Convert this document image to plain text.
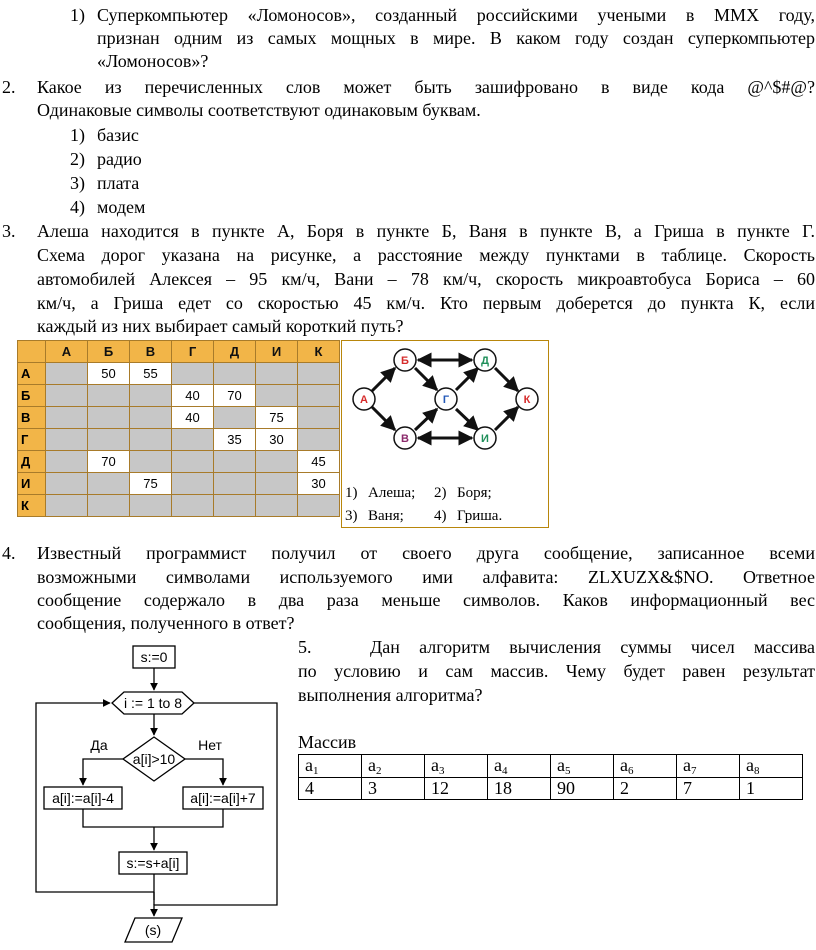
1) Суперкомпьютер «Ломоносов», созданный российскими учеными в MMX году,
признан одним из самых мощных в мире. В каком году создан суперкомпьютер
«Ломоносов»?
2. Какое из перечисленных слов может быть зашифровано в виде кода @^$#@?
Одинаковые символы соответствуют одинаковым буквам.
1) базис
2) радио
3) плата
4) модем
3. Алеша находится в пункте А, Боря в пункте Б, Ваня в пункте В, а Гриша в пункте Г.
Схема дорог указана на рисунке, а расстояние между пунктами в таблице. Скорость
автомобилей Алексея – 95 км/ч, Вани – 78 км/ч, скорость микроавтобуса Бориса – 60
км/ч, а Гриша едет со скоростью 45 км/ч. Кто первым доберется до пункта К, если
каждый из них выбирает самый короткий путь?
	А	Б	В	Г	Д	И	К
А		50	55				
Б				40	70		
В				40		75	
Г					35	30	
Д		70					45
И			75				30
К							
А
Б
Г
Д
В	И
К
1) Алеша; 2) Боря;
3) Ваня; 4) Гриша.
4. Известный программист получил от своего друга сообщение, записанное всеми
возможными символами используемого ими алфавита: ZLXUZX&$NO. Ответное
сообщение содержало в два раза меньше символов. Каков информационный вес
сообщения, полученного в ответ?
s:=0
i := 1 to 8
a[i]>10
Да	Нет
a[i]:=a[i]-4	a[i]:=a[i]+7
s:=s+a[i]
(s)
5.	Дан алгоритм вычисления суммы чисел массива
по условию и сам массив. Чему будет равен результат
выполнения алгоритма?
Массив
$a_1$	$a_2$	$a_3$	$a_4$	$a_5$	$a_6$	$a_7$	$a_8$
4	3	12	18	90	2	7	1
